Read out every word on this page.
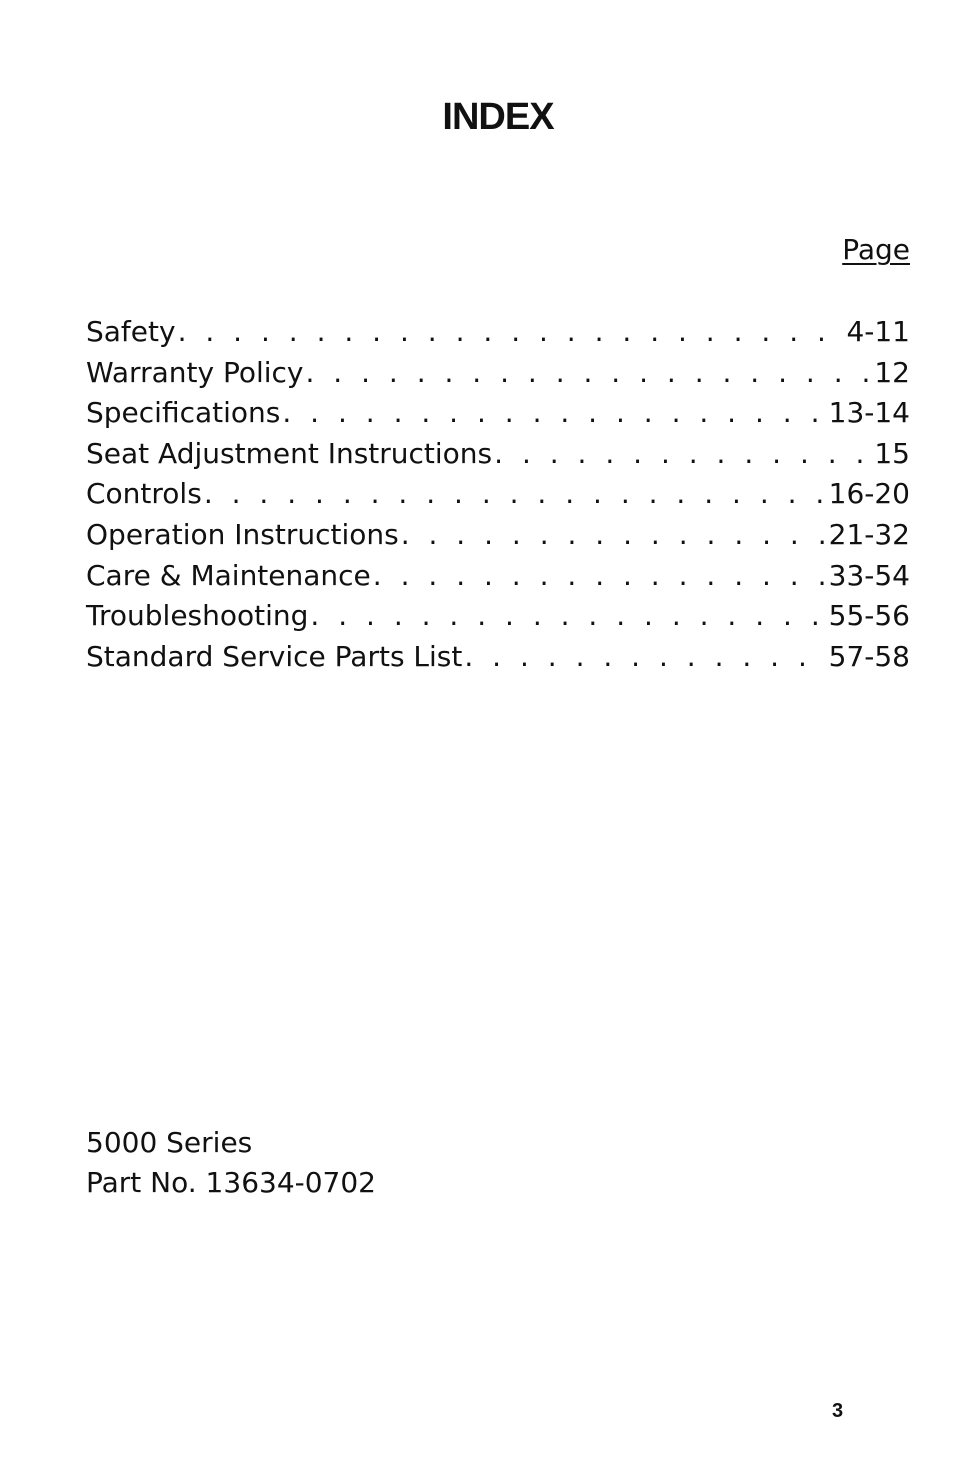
INDEX
Page
Safety . . .	4-11
Warranty Policy . . .	12
Specifications . . .	13-14
Seat Adjustment Instructions . . .	15
Controls . . .	16-20
Operation Instructions . . .	21-32
Care & Maintenance . . .	33-54
Troubleshooting . . .	55-56
Standard Service Parts List . . .	57-58
5000 Series
Part No. 13634-0702
3
